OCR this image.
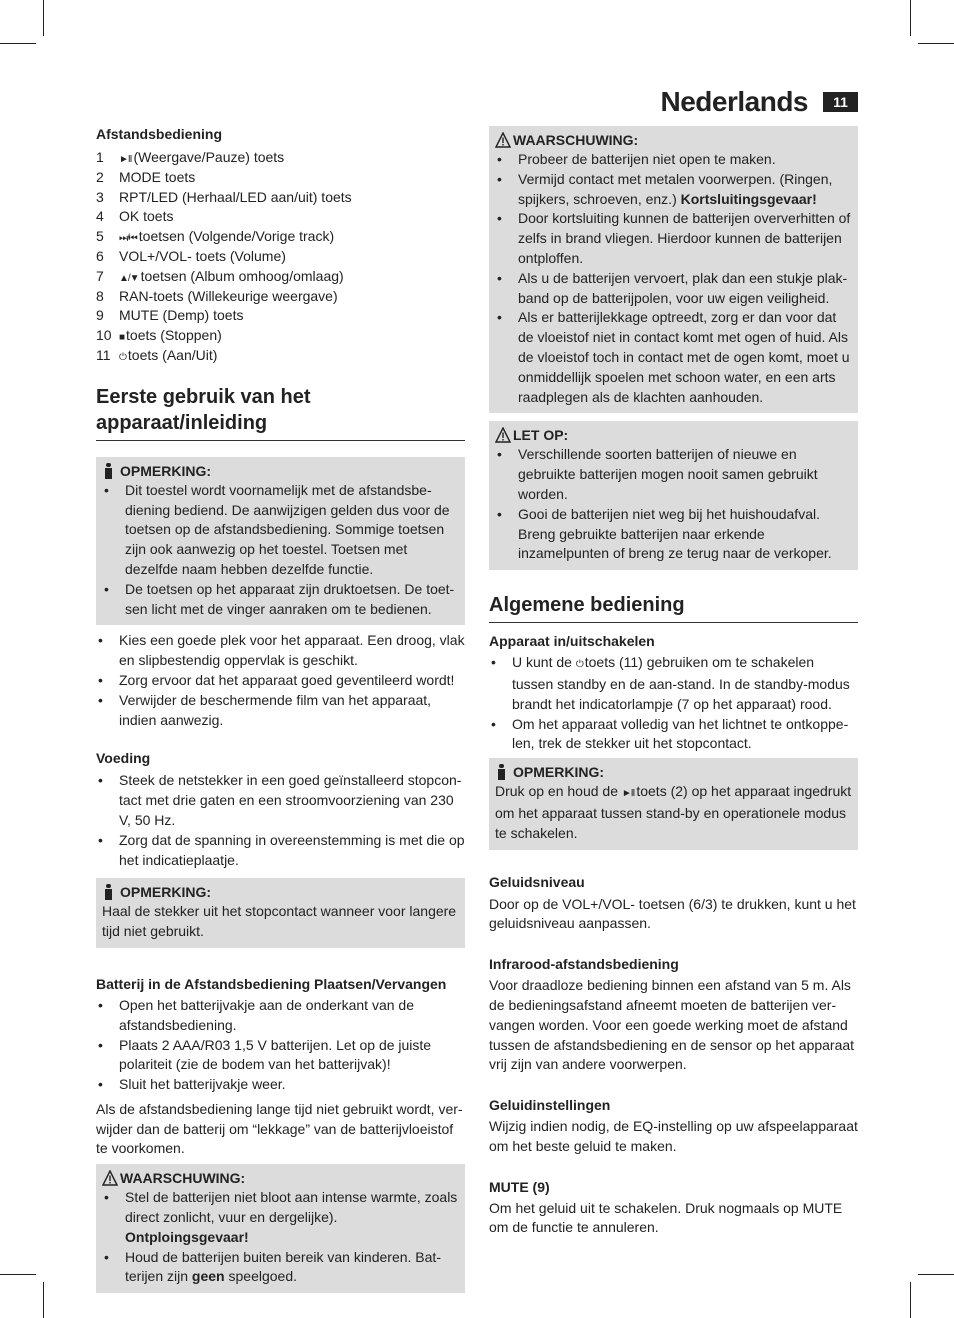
Nederlands	11
Afstandsbediening
1	►II (Weergave/Pauze) toets
2	MODE toets
3	RPT/LED (Herhaal/LED aan/uit) toets
4	OK toets
5	⏭/⏮ toetsen (Volgende/Vorige track)
6	VOL+/VOL- toets (Volume)
7	▲/▼ toetsen (Album omhoog/omlaag)
8	RAN-toets (Willekeurige weergave)
9	MUTE (Demp) toets
10 ■ toets (Stoppen)
11 ⏻ toets (Aan/Uit)
Eerste gebruik van het apparaat/inleiding
OPMERKING:
• Dit toestel wordt voornamelijk met de afstandsbediening bediend. De aanwijzigen gelden dus voor de toetsen op de afstandsbediening. Sommige toetsen zijn ook aanwezig op het toestel. Toetsen met dezelfde naam hebben dezelfde functie.
• De toetsen op het apparaat zijn druktoetsen. De toetsen licht met de vinger aanraken om te bedienen.
• Kies een goede plek voor het apparaat. Een droog, vlak en slipbestendig oppervlak is geschikt.
• Zorg ervoor dat het apparaat goed geventileerd wordt!
• Verwijder de beschermende film van het apparaat, indien aanwezig.
Voeding
• Steek de netstekker in een goed geïnstalleerd stopcontact met drie gaten en een stroomvoorziening van 230 V, 50 Hz.
• Zorg dat de spanning in overeenstemming is met die op het indicatieplaatje.
OPMERKING:
Haal de stekker uit het stopcontact wanneer voor langere tijd niet gebruikt.
Batterij in de Afstandsbediening Plaatsen/Vervangen
• Open het batterijvakje aan de onderkant van de afstandsbediening.
• Plaats 2 AAA/R03 1,5 V batterijen. Let op de juiste polariteit (zie de bodem van het batterijvak)!
• Sluit het batterijvakje weer.

Als de afstandsbediening lange tijd niet gebruikt wordt, verwijder dan de batterij om “lekkage” van de batterijvloeistof te voorkomen.

WAARSCHUWING:
• Stel de batterijen niet bloot aan intense warmte, zoals direct zonlicht, vuur en dergelijke). Ontploingsgevaar!
• Houd de batterijen buiten bereik van kinderen. Batterijen zijn geen speelgoed.
WAARSCHUWING:
• Probeer de batterijen niet open te maken.
• Vermijd contact met metalen voorwerpen. (Ringen, spijkers, schroeven, enz.) Kortsluitingsgevaar!
• Door kortsluiting kunnen de batterijen oververhitten of zelfs in brand vliegen. Hierdoor kunnen de batterijen ontploffen.
• Als u de batterijen vervoert, plak dan een stukje plakband op de batterijpolen, voor uw eigen veiligheid.
• Als er batterijlekkage optreedt, zorg er dan voor dat de vloeistof niet in contact komt met ogen of huid. Als de vloeistof toch in contact met de ogen komt, moet u onmiddellijk spoelen met schoon water, en een arts raadplegen als de klachten aanhouden.
LET OP:
• Verschillende soorten batterijen of nieuwe en gebruikte batterijen mogen nooit samen gebruikt worden.
• Gooi de batterijen niet weg bij het huishoudafval. Breng gebruikte batterijen naar erkende inzamelpunten of breng ze terug naar de verkoper.
Algemene bediening
Apparaat in/uitschakelen
• U kunt de ⏻ toets (11) gebruiken om te schakelen tussen standby en de aan-stand. In de standby-modus brandt het indicatorlampje (7 op het apparaat) rood.
• Om het apparaat volledig van het lichtnet te ontkoppelen, trek de stekker uit het stopcontact.
OPMERKING:
Druk op en houd de ►II toets (2) op het apparaat ingedrukt om het apparaat tussen stand-by en operationele modus te schakelen.
Geluidsniveau

Door op de VOL+/VOL- toetsen (6/3) te drukken, kunt u het geluidsniveau aanpassen.

Infrarood-afstandsbediening

Voor draadloze bediening binnen een afstand van 5 m. Als de bedieningsafstand afneemt moeten de batterijen vervangen worden. Voor een goede werking moet de afstand tussen de afstandsbediening en de sensor op het apparaat vrij zijn van andere voorwerpen.

Geluidinstellingen

Wijzig indien nodig, de EQ-instelling op uw afspeelapparaat om het beste geluid te maken.

MUTE (9)

Om het geluid uit te schakelen. Druk nogmaals op MUTE om de functie te annuleren.
